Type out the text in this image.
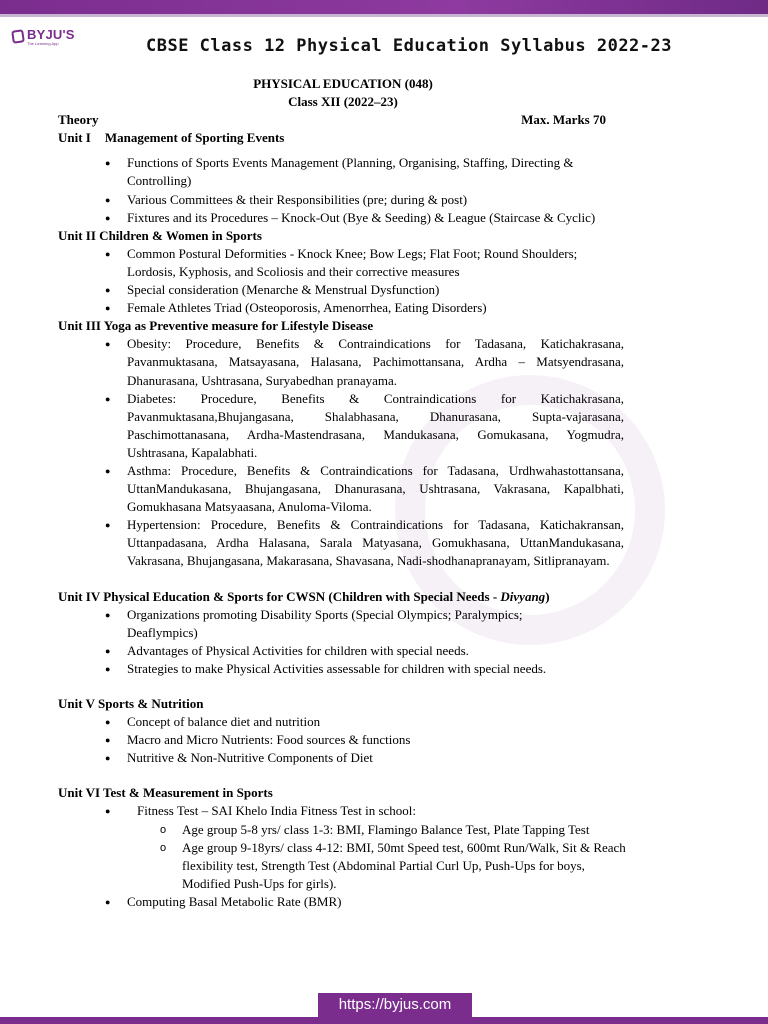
BYJU'S
The Learning App	CBSE Class 12 Physical Education Syllabus 2022-23
PHYSICAL EDUCATION (048)
Class XII (2022–23)
Theory	Max. Marks 70
Unit I Management of Sporting Events
● Functions of Sports Events Management (Planning, Organising, Staffing, Directing & Controlling)
● Various Committees & their Responsibilities (pre; during & post)
● Fixtures and its Procedures – Knock-Out (Bye & Seeding) & League (Staircase & Cyclic)
Unit II Children & Women in Sports
● Common Postural Deformities - Knock Knee; Bow Legs; Flat Foot; Round Shoulders; Lordosis, Kyphosis, and Scoliosis and their corrective measures
● Special consideration (Menarche & Menstrual Dysfunction)
● Female Athletes Triad (Osteoporosis, Amenorrhea, Eating Disorders)
Unit III Yoga as Preventive measure for Lifestyle Disease
● Obesity: Procedure, Benefits & Contraindications for Tadasana, Katichakrasana, Pavanmuktasana, Matsayasana, Halasana, Pachimottansana, Ardha – Matsyendrasana, Dhanurasana, Ushtrasana, Suryabedhan pranayama.
● Diabetes: Procedure, Benefits & Contraindications for Katichakrasana, Pavanmuktasana,Bhujangasana, Shalabhasana, Dhanurasana, Supta-vajarasana, Paschimottanasana, Ardha-Mastendrasana, Mandukasana, Gomukasana, Yogmudra, Ushtrasana, Kapalabhati.
● Asthma: Procedure, Benefits & Contraindications for Tadasana, Urdhwahastottansana, UttanMandukasana, Bhujangasana, Dhanurasana, Ushtrasana, Vakrasana, Kapalbhati, Gomukhasana Matsyaasana, Anuloma-Viloma.
● Hypertension: Procedure, Benefits & Contraindications for Tadasana, Katichakransan, Uttanpadasana, Ardha Halasana, Sarala Matyasana, Gomukhasana, UttanMandukasana, Vakrasana, Bhujangasana, Makarasana, Shavasana, Nadi-shodhanapranayam, Sitlipranayam.
Unit IV Physical Education & Sports for CWSN (Children with Special Needs - Divyang)
● Organizations promoting Disability Sports (Special Olympics; Paralympics; Deaflympics)
● Advantages of Physical Activities for children with special needs.
● Strategies to make Physical Activities assessable for children with special needs.
Unit V Sports & Nutrition
● Concept of balance diet and nutrition
● Macro and Micro Nutrients: Food sources & functions
● Nutritive & Non-Nutritive Components of Diet
Unit VI Test & Measurement in Sports
● Fitness Test – SAI Khelo India Fitness Test in school:
o Age group 5-8 yrs/ class 1-3: BMI, Flamingo Balance Test, Plate Tapping Test
o Age group 9-18yrs/ class 4-12: BMI, 50mt Speed test, 600mt Run/Walk, Sit & Reach flexibility test, Strength Test (Abdominal Partial Curl Up, Push-Ups for boys, Modified Push-Ups for girls).
● Computing Basal Metabolic Rate (BMR)
https://byjus.com
